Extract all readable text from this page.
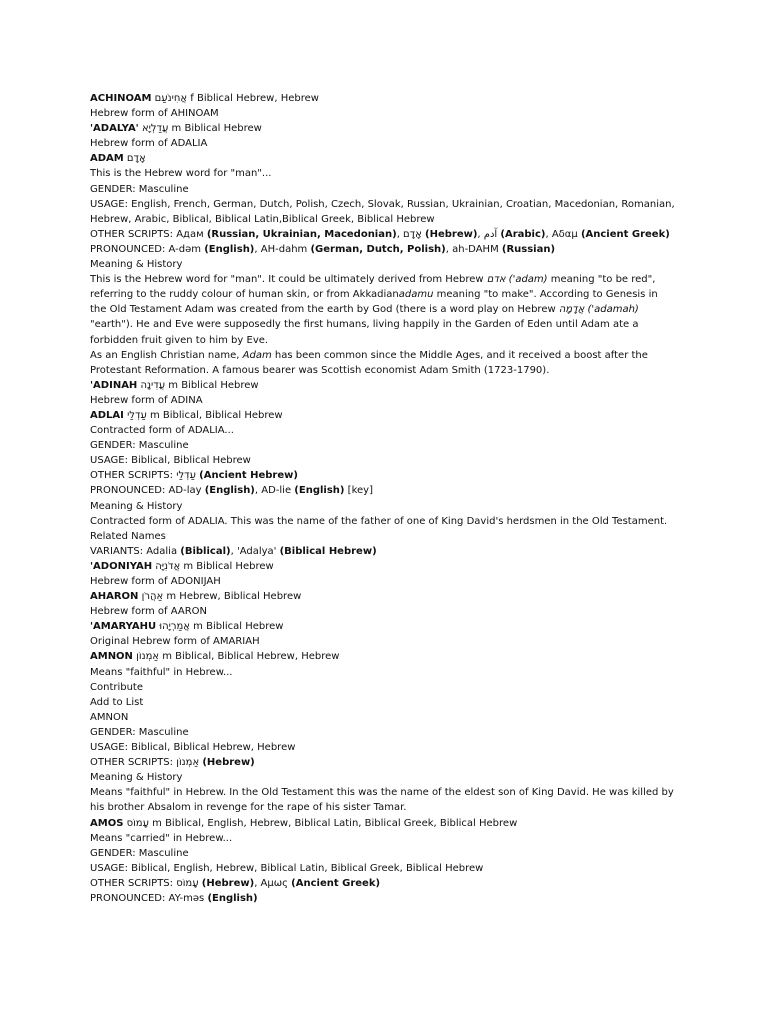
ACHINOAM אֲחִינֹעַם f Biblical Hebrew, Hebrew
Hebrew form of AHINOAM
'ADALYA' עֲדַלְיָא m Biblical Hebrew
Hebrew form of ADALIA
ADAM אָדָם
This is the Hebrew word for "man"...
GENDER: Masculine
USAGE: English, French, German, Dutch, Polish, Czech, Slovak, Russian, Ukrainian, Croatian, Macedonian, Romanian, Hebrew, Arabic, Biblical, Biblical Latin,Biblical Greek, Biblical Hebrew
OTHER SCRIPTS: Адам (Russian, Ukrainian, Macedonian), אָדָם (Hebrew), آدم (Arabic), Αδαμ (Ancient Greek)
PRONOUNCED: A-dəm (English), AH-dahm (German, Dutch, Polish), ah-DAHM (Russian)
Meaning & History
This is the Hebrew word for "man". It could be ultimately derived from Hebrew אדם ('adam) meaning "to be red", referring to the ruddy colour of human skin, or from Akkadianadamu meaning "to make". According to Genesis in the Old Testament Adam was created from the earth by God (there is a word play on Hebrew אֲדָמָה ('adamah) "earth"). He and Eve were supposedly the first humans, living happily in the Garden of Eden until Adam ate a forbidden fruit given to him by Eve.
As an English Christian name, Adam has been common since the Middle Ages, and it received a boost after the Protestant Reformation. A famous bearer was Scottish economist Adam Smith (1723-1790).
'ADINAH עֲדִינָה m Biblical Hebrew
Hebrew form of ADINA
ADLAI עַדְלַי m Biblical, Biblical Hebrew
Contracted form of ADALIA...
GENDER: Masculine
USAGE: Biblical, Biblical Hebrew
OTHER SCRIPTS: עַדְלַי (Ancient Hebrew)
PRONOUNCED: AD-lay (English), AD-lie (English) [key]
Meaning & History
Contracted form of ADALIA. This was the name of the father of one of King David's herdsmen in the Old Testament.
Related Names
VARIANTS: Adalia (Biblical), 'Adalya' (Biblical Hebrew)
'ADONIYAH אֲדֹנִיָּה m Biblical Hebrew
Hebrew form of ADONIJAH
AHARON אַהֲרֹן m Hebrew, Biblical Hebrew
Hebrew form of AARON
'AMARYAHU אֲמַרְיָהוּ m Biblical Hebrew
Original Hebrew form of AMARIAH
AMNON אַמְנוֹן m Biblical, Biblical Hebrew, Hebrew
Means "faithful" in Hebrew...
Contribute
Add to List
AMNON
GENDER: Masculine
USAGE: Biblical, Biblical Hebrew, Hebrew
OTHER SCRIPTS: אַמְנוֹן (Hebrew)
Meaning & History
Means "faithful" in Hebrew. In the Old Testament this was the name of the eldest son of King David. He was killed by his brother Absalom in revenge for the rape of his sister Tamar.
AMOS עָמוֹס m Biblical, English, Hebrew, Biblical Latin, Biblical Greek, Biblical Hebrew
Means "carried" in Hebrew...
GENDER: Masculine
USAGE: Biblical, English, Hebrew, Biblical Latin, Biblical Greek, Biblical Hebrew
OTHER SCRIPTS: עָמוֹס (Hebrew), Αμως (Ancient Greek)
PRONOUNCED: AY-məs (English)
